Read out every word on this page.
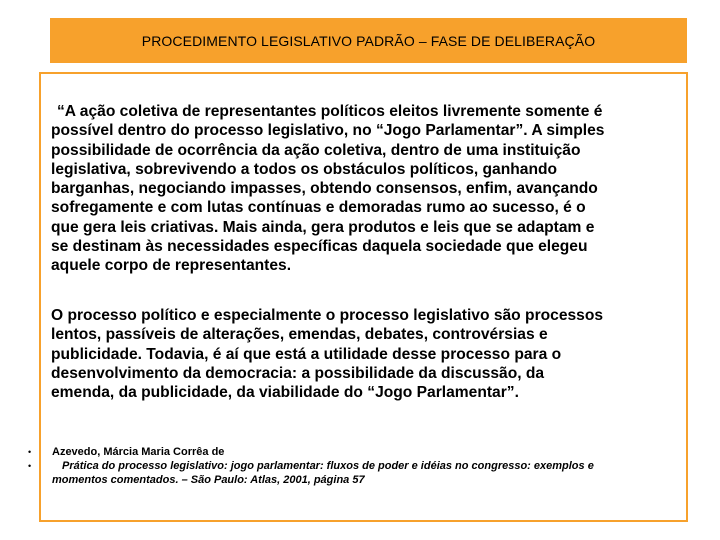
PROCEDIMENTO LEGISLATIVO PADRÃO – FASE DE DELIBERAÇÃO
“A ação coletiva de representantes políticos eleitos livremente somente é
possível dentro do processo legislativo, no “Jogo Parlamentar”. A simples
possibilidade de ocorrência da ação coletiva, dentro de uma instituição
legislativa, sobrevivendo a todos os obstáculos políticos, ganhando
barganhas, negociando impasses, obtendo consensos, enfim, avançando
sofregamente e com lutas contínuas e demoradas rumo ao sucesso, é o
que gera leis criativas. Mais ainda, gera produtos e leis que se adaptam e
se destinam às necessidades específicas daquela sociedade que elegeu
aquele corpo de representantes.
O processo político e especialmente o processo legislativo são processos
lentos, passíveis de alterações, emendas, debates, controvérsias e
publicidade. Todavia, é aí que está a utilidade desse processo para o
desenvolvimento da democracia: a possibilidade da discussão, da
emenda, da publicidade, da viabilidade do “Jogo Parlamentar”.
•	Azevedo, Márcia Maria Corrêa de
•	Prática do processo legislativo: jogo parlamentar: fluxos de poder e idéias no congresso: exemplos e
momentos comentados. – São Paulo: Atlas, 2001, página 57
